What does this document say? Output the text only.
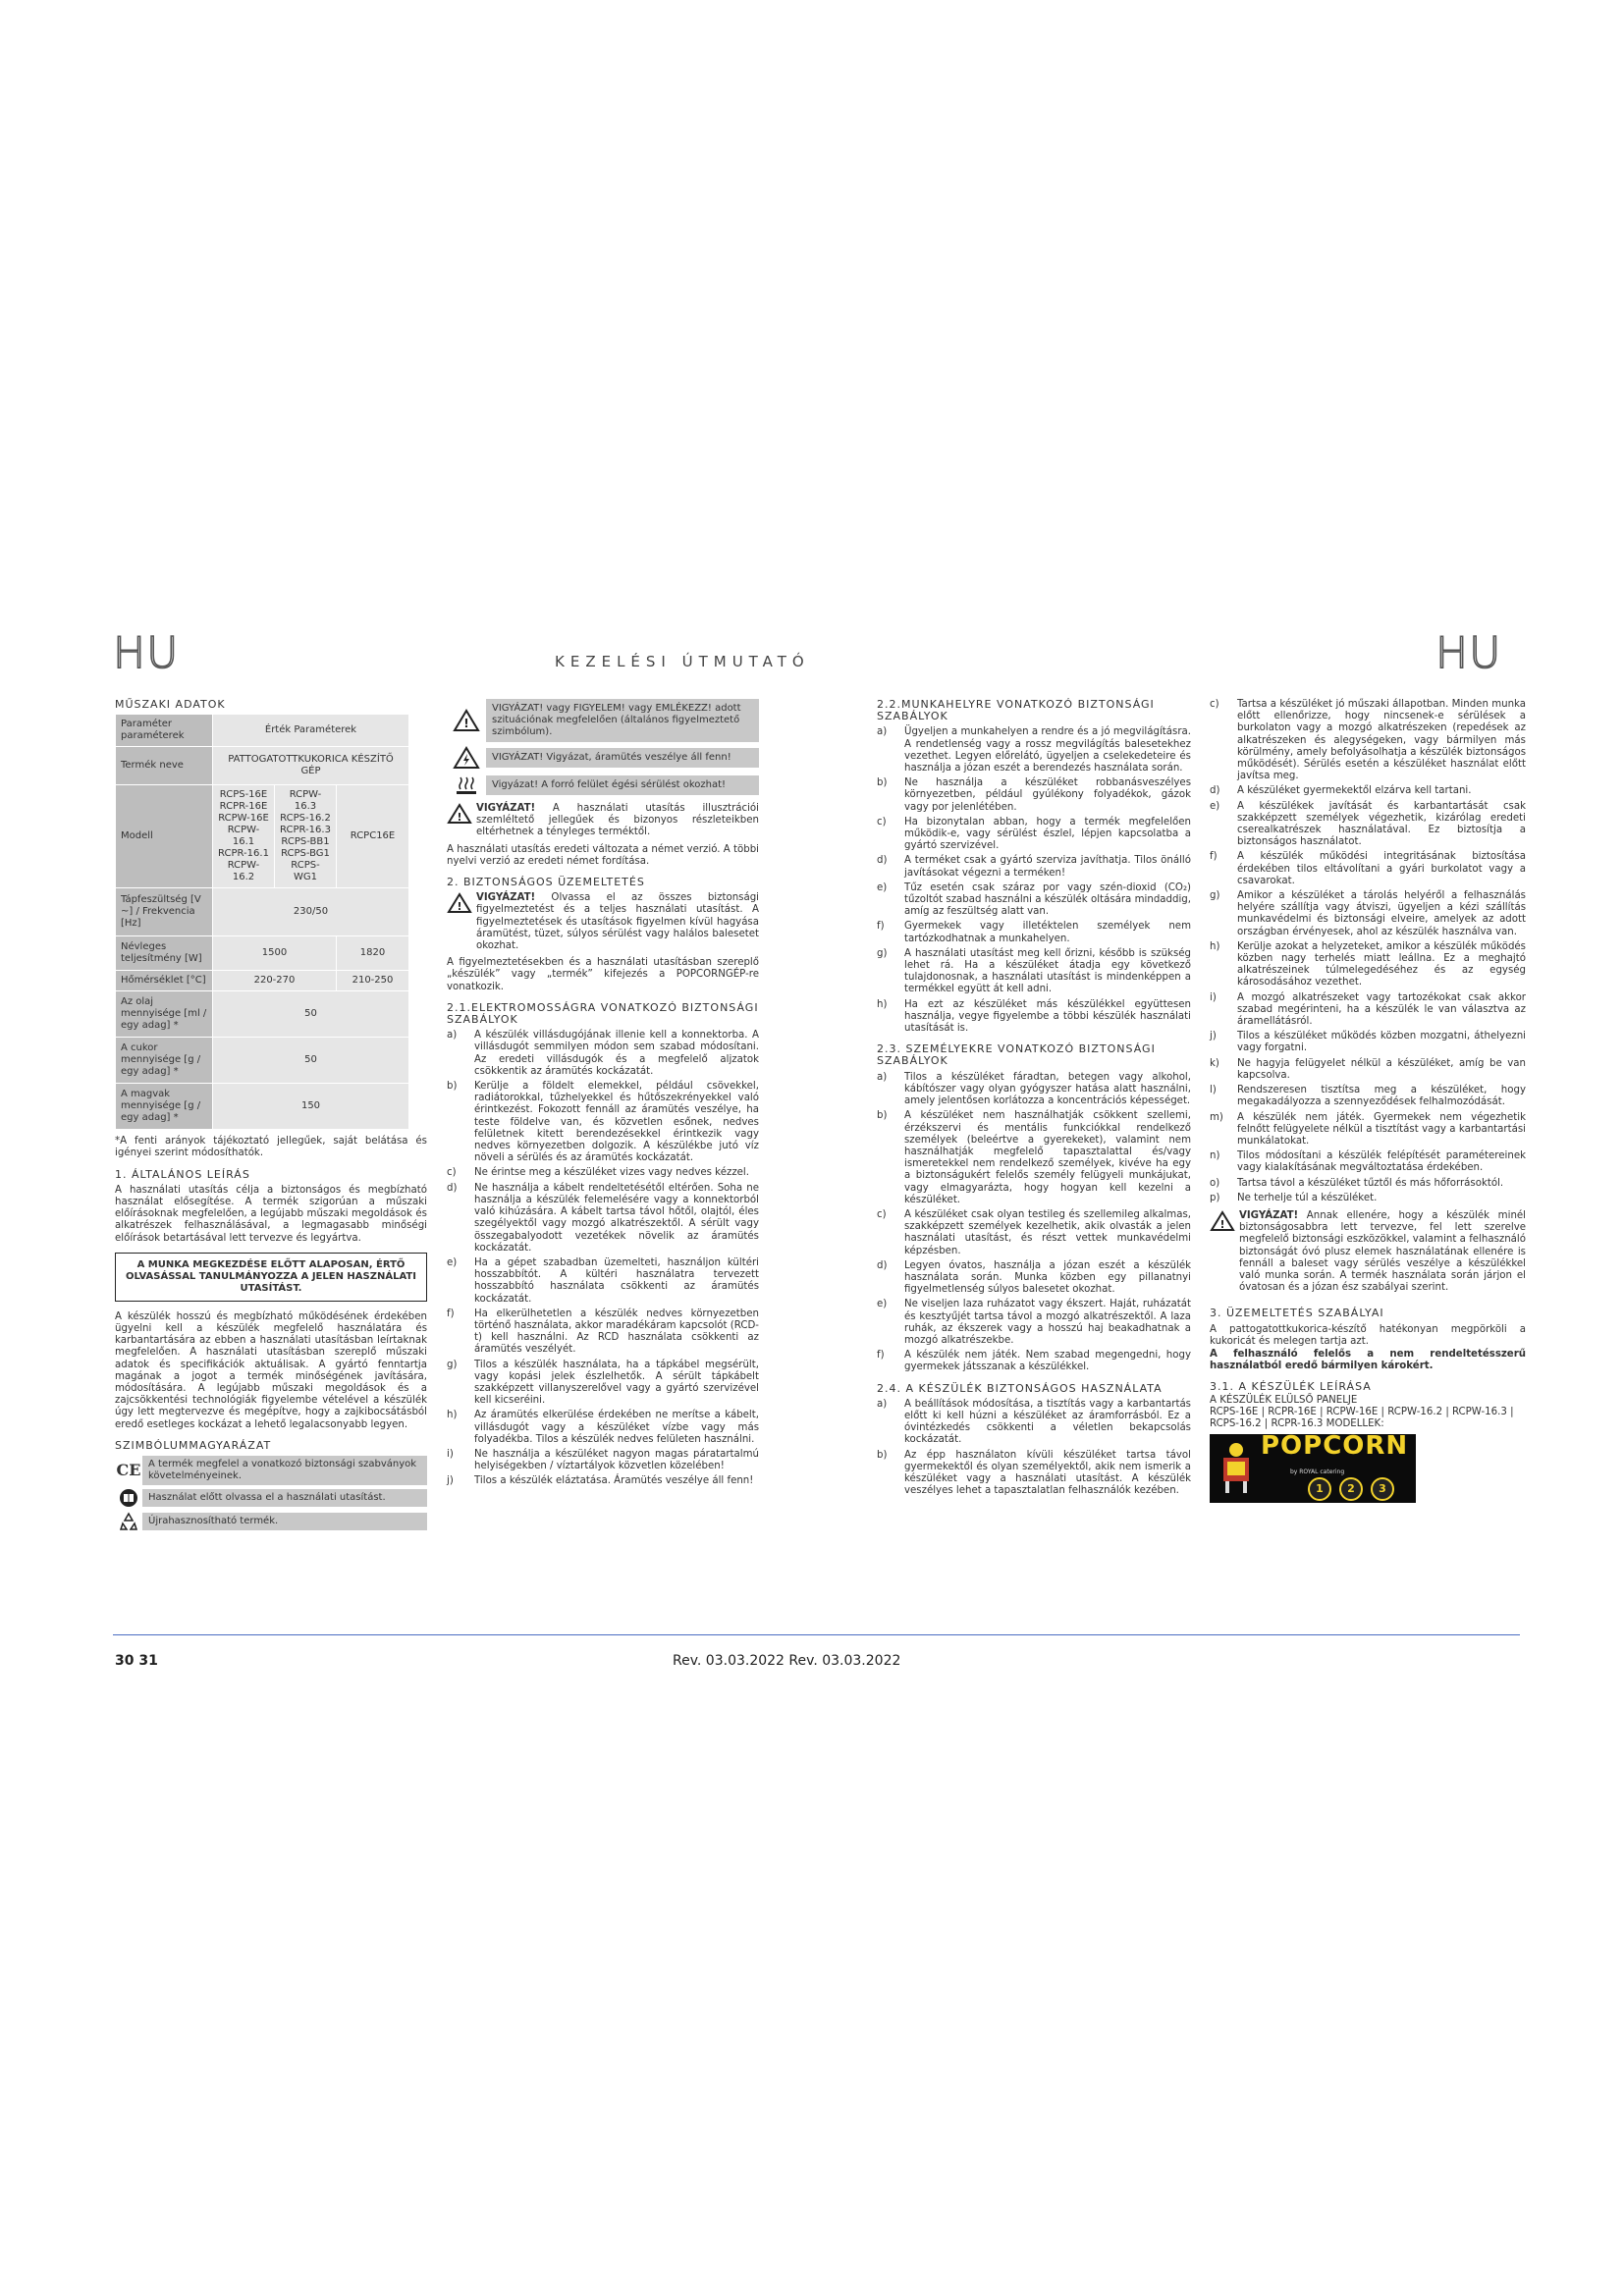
HU	KEZELÉSI ÚTMUTATÓ	HU
MŰSZAKI ADATOK
Paraméter paraméterek	Érték Paraméterek		
Termék neve	PATTOGATOTTKUKORICA KÉSZÍTŐ GÉP		
Modell	RCPS-16E RCPR-16E RCPW-16E RCPW-16.1 RCPR-16.1 RCPW-16.2	RCPW-16.3 RCPS-16.2 RCPR-16.3 RCPS-BB1 RCPS-BG1 RCPS-WG1	RCPC16E
Tápfeszültség [V ~] / Frekvencia [Hz]	230/50		
Névleges teljesítmény [W]	1500		1820
Hőmérséklet [°C]	220-270		210-250
Az olaj mennyisége [ml / egy adag] *	50		
A cukor mennyisége [g / egy adag] *	50		
A magvak mennyisége [g / egy adag] *	150		

*A fenti arányok tájékoztató jellegűek, saját belátása és igényei szerint módosíthatók.

1. ÁLTALÁNOS LEÍRÁS

A használati utasítás célja a biztonságos és megbízható használat elősegítése. A termék szigorúan a műszaki előírásoknak megfelelően, a legújabb műszaki megoldások és alkatrészek felhasználásával, a legmagasabb minőségi előírások betartásával lett tervezve és legyártva.

A MUNKA MEGKEZDÉSE ELŐTT ALAPOSAN, ÉRTŐ OLVASÁSSAL TANULMÁNYOZZA A JELEN HASZNÁLATI UTASÍTÁST.

A készülék hosszú és megbízható működésének érdekében ügyelni kell a készülék megfelelő használatára és karbantartására az ebben a használati utasításban leírtaknak megfelelően. A használati utasításban szereplő műszaki adatok és specifikációk aktuálisak. A gyártó fenntartja magának a jogot a termék minőségének javítására, módosítására. A legújabb műszaki megoldások és a zajcsökkentési technológiák figyelembe vételével a készülék úgy lett megtervezve és megépítve, hogy a zajkibocsátásból eredő esetleges kockázat a lehető legalacsonyabb legyen.

SZIMBÓLUMMAGYARÁZAT
CE A termék megfelel a vonatkozó biztonsági szabványok követelményeinek.
Használat előtt olvassa el a használati utasítást.
Újrahasznosítható termék.
!
VIGYÁZAT! vagy FIGYELEM! vagy EMLÉKEZZ! adott szituációnak megfelelően (általános figyelmeztető szimbólum).
VIGYÁZAT! Vigyázat, áramütés veszélye áll fenn!
Vigyázat! A forró felület égési sérülést okozhat!
!

VIGYÁZAT! A használati utasítás illusztrációi szemléltető jellegűek és bizonyos részleteikben eltérhetnek a tényleges terméktől.

A használati utasítás eredeti változata a német verzió. A többi nyelvi verzió az eredeti német fordítása.

2. BIZTONSÁGOS ÜZEMELTETÉS
!

VIGYÁZAT! Olvassa el az összes biztonsági figyelmeztetést és a teljes használati utasítást. A figyelmeztetések és utasítások figyelmen kívül hagyása áramütést, tüzet, súlyos sérülést vagy halálos balesetet okozhat.

A figyelmeztetésekben és a használati utasításban szereplő „készülék” vagy „termék” kifejezés a POPCORNGÉP-re vonatkozik.

2.1.ELEKTROMOSSÁGRA VONATKOZÓ BIZTONSÁGI SZABÁLYOK
a)	A készülék villásdugójának illenie kell a konnektorba. A villásdugót semmilyen módon sem szabad módosítani. Az eredeti villásdugók és a megfelelő aljzatok csökkentik az áramütés kockázatát.
b)	Kerülje a földelt elemekkel, például csövekkel, radiátorokkal, tűzhelyekkel és hűtőszekrényekkel való érintkezést. Fokozott fennáll az áramütés veszélye, ha teste földelve van, és közvetlen esőnek, nedves felületnek kitett berendezésekkel érintkezik vagy nedves környezetben dolgozik. A készülékbe jutó víz növeli a sérülés és az áramütés kockázatát.
c)	Ne érintse meg a készüléket vizes vagy nedves kézzel.
d)	Ne használja a kábelt rendeltetésétől eltérően. Soha ne használja a készülék felemelésére vagy a konnektorból való kihúzására. A kábelt tartsa távol hőtől, olajtól, éles szegélyektől vagy mozgó alkatrészektől. A sérült vagy összegabalyodott vezetékek növelik az áramütés kockázatát.
e)	Ha a gépet szabadban üzemelteti, használjon kültéri hosszabbítót. A kültéri használatra tervezett hosszabbító használata csökkenti az áramütés kockázatát.
f)	Ha elkerülhetetlen a készülék nedves környezetben történő használata, akkor maradékáram kapcsolót (RCD-t) kell használni. Az RCD használata csökkenti az áramütés veszélyét.
g)	Tilos a készülék használata, ha a tápkábel megsérült, vagy kopási jelek észlelhetők. A sérült tápkábelt szakképzett villanyszerelővel vagy a gyártó szervizével kell kicseréini.
h)	Az áramütés elkerülése érdekében ne merítse a kábelt, villásdugót vagy a készüléket vízbe vagy más folyadékba. Tilos a készülék nedves felületen használni.
i)	Ne használja a készüléket nagyon magas páratartalmú helyiségekben / víztartályok közvetlen közelében!
j)	Tilos a készülék eláztatása. Áramütés veszélye áll fenn!
2.2.MUNKAHELYRE VONATKOZÓ BIZTONSÁGI SZABÁLYOK
a)	Ügyeljen a munkahelyen a rendre és a jó megvilágításra. A rendetlenség vagy a rossz megvilágítás balesetekhez vezethet. Legyen előrelátó, ügyeljen a cselekedeteire és használja a józan eszét a berendezés használata során.
b)	Ne használja a készüléket robbanásveszélyes környezetben, például gyúlékony folyadékok, gázok vagy por jelenlétében.
c)	Ha bizonytalan abban, hogy a termék megfelelően működik-e, vagy sérülést észlel, lépjen kapcsolatba a gyártó szervizével.
d)	A terméket csak a gyártó szerviza javíthatja. Tilos önálló javításokat végezni a terméken!
e)	Tűz esetén csak száraz por vagy szén-dioxid (CO₂) tűzoltót szabad használni a készülék oltására mindaddig, amíg az feszültség alatt van.
f)	Gyermekek vagy illetéktelen személyek nem tartózkodhatnak a munkahelyen.
g)	A használati utasítást meg kell őrizni, később is szükség lehet rá. Ha a készüléket átadja egy következő tulajdonosnak, a használati utasítást is mindenképpen a termékkel együtt át kell adni.
h)	Ha ezt az készüléket más készülékkel együttesen használja, vegye figyelembe a többi készülék használati utasítását is.
2.3. SZEMÉLYEKRE VONATKOZÓ BIZTONSÁGI SZABÁLYOK
a)	Tilos a készüléket fáradtan, betegen vagy alkohol, kábítószer vagy olyan gyógyszer hatása alatt használni, amely jelentősen korlátozza a koncentrációs képességet.
b)	A készüléket nem használhatják csökkent szellemi, érzékszervi és mentális funkciókkal rendelkező személyek (beleértve a gyerekeket), valamint nem használhatják megfelelő tapasztalattal és/vagy ismeretekkel nem rendelkező személyek, kivéve ha egy a biztonságukért felelős személy felügyeli munkájukat, vagy elmagyarázta, hogy hogyan kell kezelni a készüléket.
c)	A készüléket csak olyan testileg és szellemileg alkalmas, szakképzett személyek kezelhetik, akik olvasták a jelen használati utasítást, és részt vettek munkavédelmi képzésben.
d)	Legyen óvatos, használja a józan eszét a készülék használata során. Munka közben egy pillanatnyi figyelmetlenség súlyos balesetet okozhat.
e)	Ne viseljen laza ruházatot vagy ékszert. Haját, ruházatát és kesztyűjét tartsa távol a mozgó alkatrészektől. A laza ruhák, az ékszerek vagy a hosszú haj beakadhatnak a mozgó alkatrészekbe.
f)	A készülék nem játék. Nem szabad megengedni, hogy gyermekek játsszanak a készülékkel.
2.4. A KÉSZÜLÉK BIZTONSÁGOS HASZNÁLATA
a)	A beállítások módosítása, a tisztítás vagy a karbantartás előtt ki kell húzni a készüléket az áramforrásból. Ez a óvintézkedés csökkenti a véletlen bekapcsolás kockázatát.
b)	Az épp használaton kívüli készüléket tartsa távol gyermekektől és olyan személyektől, akik nem ismerik a készüléket vagy a használati utasítást. A készülék veszélyes lehet a tapasztalatlan felhasználók kezében.
c)	Tartsa a készüléket jó műszaki állapotban. Minden munka előtt ellenőrizze, hogy nincsenek-e sérülések a burkolaton vagy a mozgó alkatrészeken (repedések az alkatrészeken és alegységeken, vagy bármilyen más körülmény, amely befolyásolhatja a készülék biztonságos működését). Sérülés esetén a készüléket használat előtt javítsa meg.
d)	A készüléket gyermekektől elzárva kell tartani.
e)	A készülékek javítását és karbantartását csak szakképzett személyek végezhetik, kizárólag eredeti cserealkatrészek használatával. Ez biztosítja a biztonságos használatot.
f)	A készülék működési integritásának biztosítása érdekében tilos eltávolítani a gyári burkolatot vagy a csavarokat.
g)	Amikor a készüléket a tárolás helyéről a felhasználás helyére szállítja vagy átviszi, ügyeljen a kézi szállítás munkavédelmi és biztonsági elveire, amelyek az adott országban érvényesek, ahol az készülék használva van.
h)	Kerülje azokat a helyzeteket, amikor a készülék működés közben nagy terhelés miatt leállna. Ez a meghajtó alkatrészeinek túlmelegedéséhez és az egység károsodásához vezethet.
i)	A mozgó alkatrészeket vagy tartozékokat csak akkor szabad megérinteni, ha a készülék le van választva az áramellátásról.
j)	Tilos a készüléket működés közben mozgatni, áthelyezni vagy forgatni.
k)	Ne hagyja felügyelet nélkül a készüléket, amíg be van kapcsolva.
l)	Rendszeresen tisztítsa meg a készüléket, hogy megakadályozza a szennyeződések felhalmozódását.
m)	A készülék nem játék. Gyermekek nem végezhetik felnőtt felügyelete nélkül a tisztítást vagy a karbantartási munkálatokat.
n)	Tilos módosítani a készülék felépítését paramétereinek vagy kialakításának megváltoztatása érdekében.
o)	Tartsa távol a készüléket tűztől és más hőforrásoktól.
p)	Ne terhelje túl a készüléket.
!

VIGYÁZAT! Annak ellenére, hogy a készülék minél biztonságosabbra lett tervezve, fel lett szerelve megfelelő biztonsági eszközökkel, valamint a felhasználó biztonságát óvó plusz elemek használatának ellenére is fennáll a baleset vagy sérülés veszélye a készülékkel való munka során. A termék használata során járjon el óvatosan és a józan ész szabályai szerint.

3. ÜZEMELTETÉS SZABÁLYAI

A pattogatottkukorica-készítő hatékonyan megpörköli a kukoricát és melegen tartja azt.

A felhasználó felelős a nem rendeltetésszerű használatból eredő bármilyen károkért.

3.1. A KÉSZÜLÉK LEÍRÁSA
A KÉSZÜLÉK ELÜLSŐ PANELJE
RCPS-16E | RCPR-16E | RCPW-16E | RCPW-16.2 | RCPW-16.3 | RCPS-16.2 | RCPR-16.3 MODELLEK:
POPCORN
by ROYAL catering
1	2	3
30 31	Rev. 03.03.2022 Rev. 03.03.2022
